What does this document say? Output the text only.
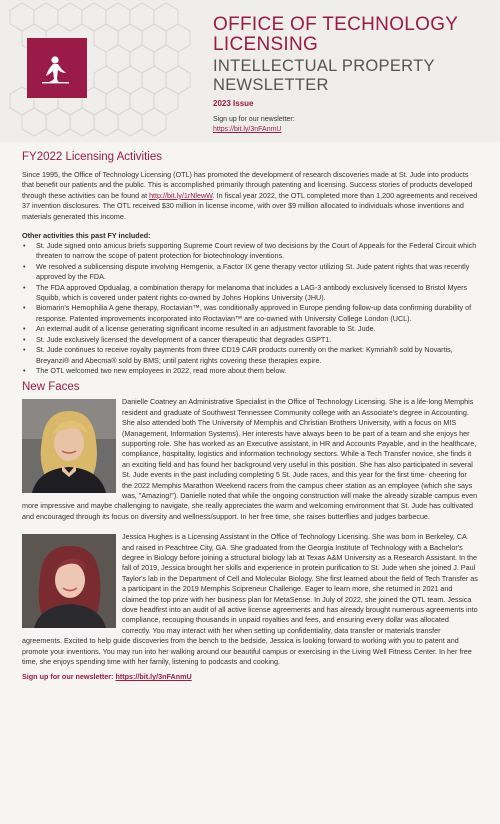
OFFICE OF TECHNOLOGY
LICENSING
INTELLECTUAL PROPERTY
NEWSLETTER
2023 Issue
Sign up for our newsletter:
https://bit.ly/3nFAnmU
FY2022 Licensing Activities

Since 1995, the Office of Technology Licensing (OTL) has promoted the development of research discoveries made at St. Jude into products that benefit our patients and the public. This is accomplished primarily through patenting and licensing. Success stories of products developed through these activities can be found at http://bit.ly/1rNlewW. In fiscal year 2022, the OTL completed more than 1,200 agreements and received 37 invention disclosures. The OTL received $30 million in license income, with over $9 million allocated to individuals whose inventions and materials generated this income.

Other activities this past FY included:
• St. Jude signed onto amicus briefs supporting Supreme Court review of two decisions by the Court of Appeals for the Federal Circuit which threaten to narrow the scope of patent protection for biotechnology inventions.
• We resolved a sublicensing dispute involving Hemgenix, a Factor IX gene therapy vector utilizing St. Jude patent rights that was recently approved by the FDA.
• The FDA approved Opdualag, a combination therapy for melanoma that includes a LAG-3 antibody exclusively licensed to Bristol Myers Squibb, which is covered under patent rights co-owned by Johns Hopkins University (JHU).
• Biomarin's Hemophilia A gene therapy, Roctavian™, was conditionally approved in Europe pending follow-up data confirming durability of response. Patented improvements incorporated into Roctavian™ are co-owned with University College London (UCL).
• An external audit of a license generating significant income resulted in an adjustment favorable to St. Jude.
• St. Jude exclusively licensed the development of a cancer therapeutic that degrades GSPT1.
• St. Jude continues to receive royalty payments from three CD19 CAR products currently on the market: Kymriah® sold by Novartis, Breyanzi® and Abecma® sold by BMS; until patent rights covering these therapies expire.
• The OTL welcomed two new employees in 2022, read more about them below.
New Faces
Danielle Coatney an Administrative Specialist in the Office of Technology Licensing. She is a life-long Memphis resident and graduate of Southwest Tennessee Community college with an Associate's degree in Accounting. She also attended both The University of Memphis and Christian Brothers University, with a focus on MIS (Management, Information Systems). Her interests have always been to be part of a team and she enjoys her supporting role. She has worked as an Executive assistant, in HR and Accounts Payable, and in the healthcare, compliance, hospitality, logistics and information technology sectors. While a Tech Transfer novice, she finds it an exciting field and has found her background very useful in this position. She has also participated in several St. Jude events in the past including completing 5 St. Jude races, and this year for the first time- cheering for the 2022 Memphis Marathon Weekend racers from the campus cheer station as an employee (which she says was, "Amazing!"). Danielle noted that while the ongoing construction will make the already sizable campus even more impressive and maybe challenging to navigate, she really appreciates the warm and welcoming environment that St. Jude has cultivated and encouraged through its focus on diversity and wellness/support. In her free time, she raises butterflies and judges barbecue.
Jessica Hughes is a Licensing Assistant in the Office of Technology Licensing. She was born in Berkeley, CA and raised in Peachtree City, GA. She graduated from the Georgia Institute of Technology with a Bachelor's degree in Biology before joining a structural biology lab at Texas A&M University as a Research Assistant. In the fall of 2019, Jessica brought her skills and experience in protein purification to St. Jude when she joined J. Paul Taylor's lab in the Department of Cell and Molecular Biology. She first learned about the field of Tech Transfer as a participant in the 2019 Memphis Scipreneur Challenge. Eager to learn more, she returned in 2021 and claimed the top prize with her business plan for MetaSense. In July of 2022, she joined the OTL team. Jessica dove headfirst into an audit of all active license agreements and has already brought numerous agreements into compliance, recouping thousands in unpaid royalties and fees, and ensuring every dollar was allocated correctly. You may interact with her when setting up confidentiality, data transfer or materials transfer agreements. Excited to help guide discoveries from the bench to the bedside, Jessica is looking forward to working with you to patent and promote your inventions. You may run into her walking around our beautiful campus or exercising in the Living Well Fitness Center. In her free time, she enjoys spending time with her family, listening to podcasts and cooking.
Sign up for our newsletter: https://bit.ly/3nFAnmU
